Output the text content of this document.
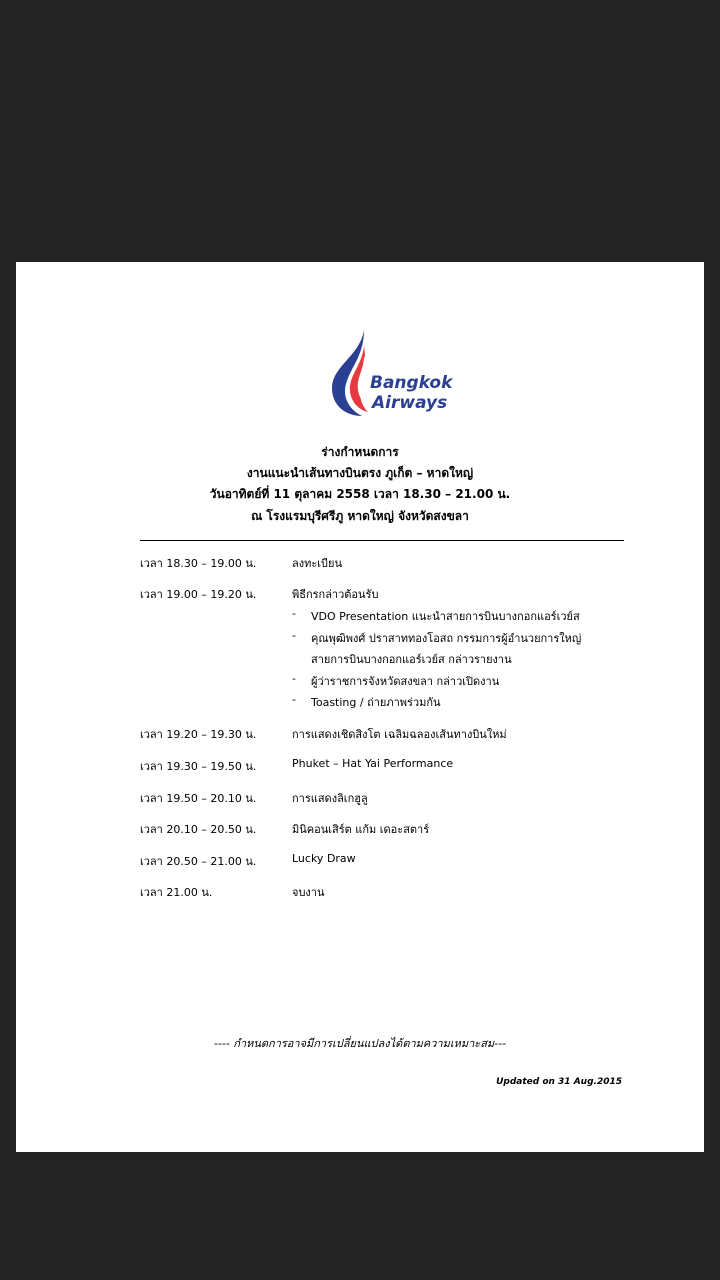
Bangkok
Airways
ร่างกำหนดการ
งานแนะนำเส้นทางบินตรง ภูเก็ต – หาดใหญ่
วันอาทิตย์ที่ 11 ตุลาคม 2558 เวลา 18.30 – 21.00 น.
ณ โรงแรมบุรีศรีภู หาดใหญ่ จังหวัดสงขลา
เวลา 18.30 – 19.00 น.	ลงทะเบียน
เวลา 19.00 – 19.20 น.	พิธีกรกล่าวต้อนรับ
- VDO Presentation แนะนำสายการบินบางกอกแอร์เวย์ส
- คุณพุฒิพงศ์ ปราสาททองโอสถ กรรมการผู้อำนวยการใหญ่
สายการบินบางกอกแอร์เวย์ส กล่าวรายงาน
- ผู้ว่าราชการจังหวัดสงขลา กล่าวเปิดงาน
- Toasting / ถ่ายภาพร่วมกัน
เวลา 19.20 – 19.30 น.	การแสดงเชิดสิงโต เฉลิมฉลองเส้นทางบินใหม่
เวลา 19.30 – 19.50 น.	Phuket – Hat Yai Performance
เวลา 19.50 – 20.10 น.	การแสดงลิเกฮูลู
เวลา 20.10 – 20.50 น.	มินิคอนเสิร์ต แก้ม เดอะสตาร์
เวลา 20.50 – 21.00 น.	Lucky Draw
เวลา 21.00 น.	จบงาน
---- กำหนดการอาจมีการเปลี่ยนแปลงได้ตามความเหมาะสม---
Updated on 31 Aug.2015
